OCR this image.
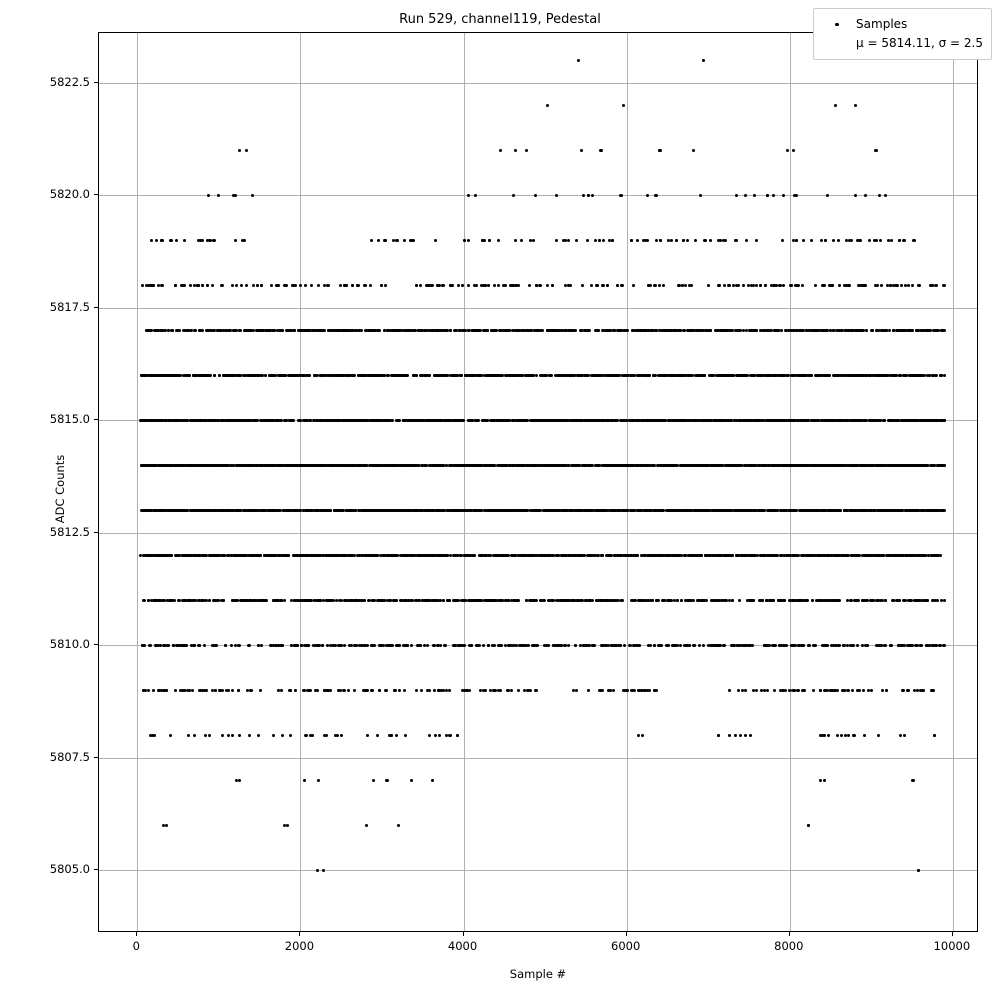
Run 529, channel119, Pedestal
Sample #
ADC Counts
Samples
μ = 5814.11, σ = 2.5
0	2000	4000	6000	8000	10000
5805.0
5807.5
5810.0
5812.5
5815.0
5817.5
5820.0
5822.5
